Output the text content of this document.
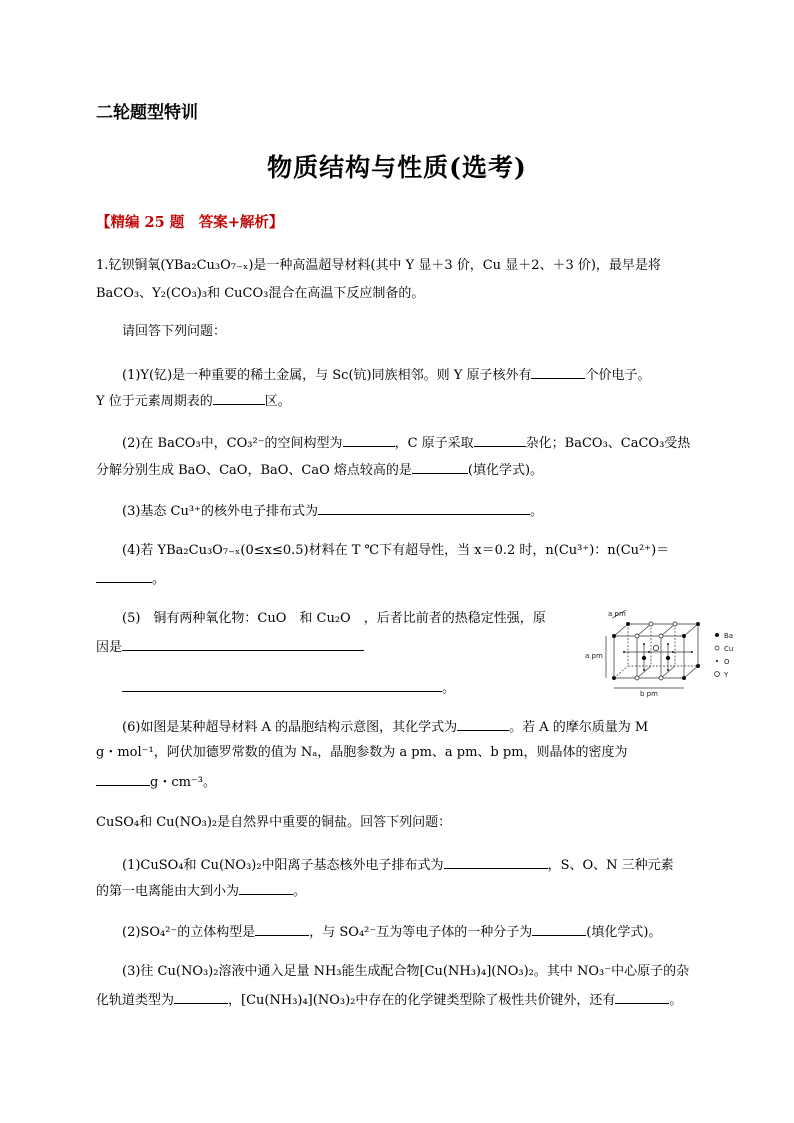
二轮题型特训
物质结构与性质(选考)
【精编 25 题　答案+解析】
1.钇钡铜氧(YBa₂Cu₃O₇₋ₓ)是一种高温超导材料(其中 Y 显＋3 价，Cu 显＋2、＋3 价)，最早是将
BaCO₃、Y₂(CO₃)₃和 CuCO₃混合在高温下反应制备的。
请回答下列问题：
(1)Y(钇)是一种重要的稀土金属，与 Sc(钪)同族相邻。则 Y 原子核外有	个价电子。
Y 位于元素周期表的	区。
(2)在 BaCO₃中，CO₃²⁻的空间构型为	，C 原子采取	杂化；BaCO₃、CaCO₃受热
分解分别生成 BaO、CaO，BaO、CaO 熔点较高的是	(填化学式)。
(3)基态 Cu³⁺的核外电子排布式为	。
(4)若 YBa₂Cu₃O₇₋ₓ(0≤x≤0.5)材料在 T ℃下有超导性，当 x＝0.2 时，n(Cu³⁺)：n(Cu²⁺)＝
。
(5)　铜有两种氧化物：CuO　和 Cu₂O　，后者比前者的热稳定性强，原
因是
。
(6)如图是某种超导材料 A 的晶胞结构示意图，其化学式为	。若 A 的摩尔质量为 M
g・mol⁻¹，阿伏加德罗常数的值为 Nₐ，晶胞参数为 a pm、a pm、b pm，则晶体的密度为
g・cm⁻³。
a pm
a pm
b pm
Ba
Cu
O
Y
CuSO₄和 Cu(NO₃)₂是自然界中重要的铜盐。回答下列问题：
(1)CuSO₄和 Cu(NO₃)₂中阳离子基态核外电子排布式为	，S、O、N 三种元素
的第一电离能由大到小为	。
(2)SO₄²⁻的立体构型是	，与 SO₄²⁻互为等电子体的一种分子为	(填化学式)。
(3)往 Cu(NO₃)₂溶液中通入足量 NH₃能生成配合物[Cu(NH₃)₄](NO₃)₂。其中 NO₃⁻中心原子的杂
化轨道类型为	，[Cu(NH₃)₄](NO₃)₂中存在的化学键类型除了极性共价键外，还有	。
